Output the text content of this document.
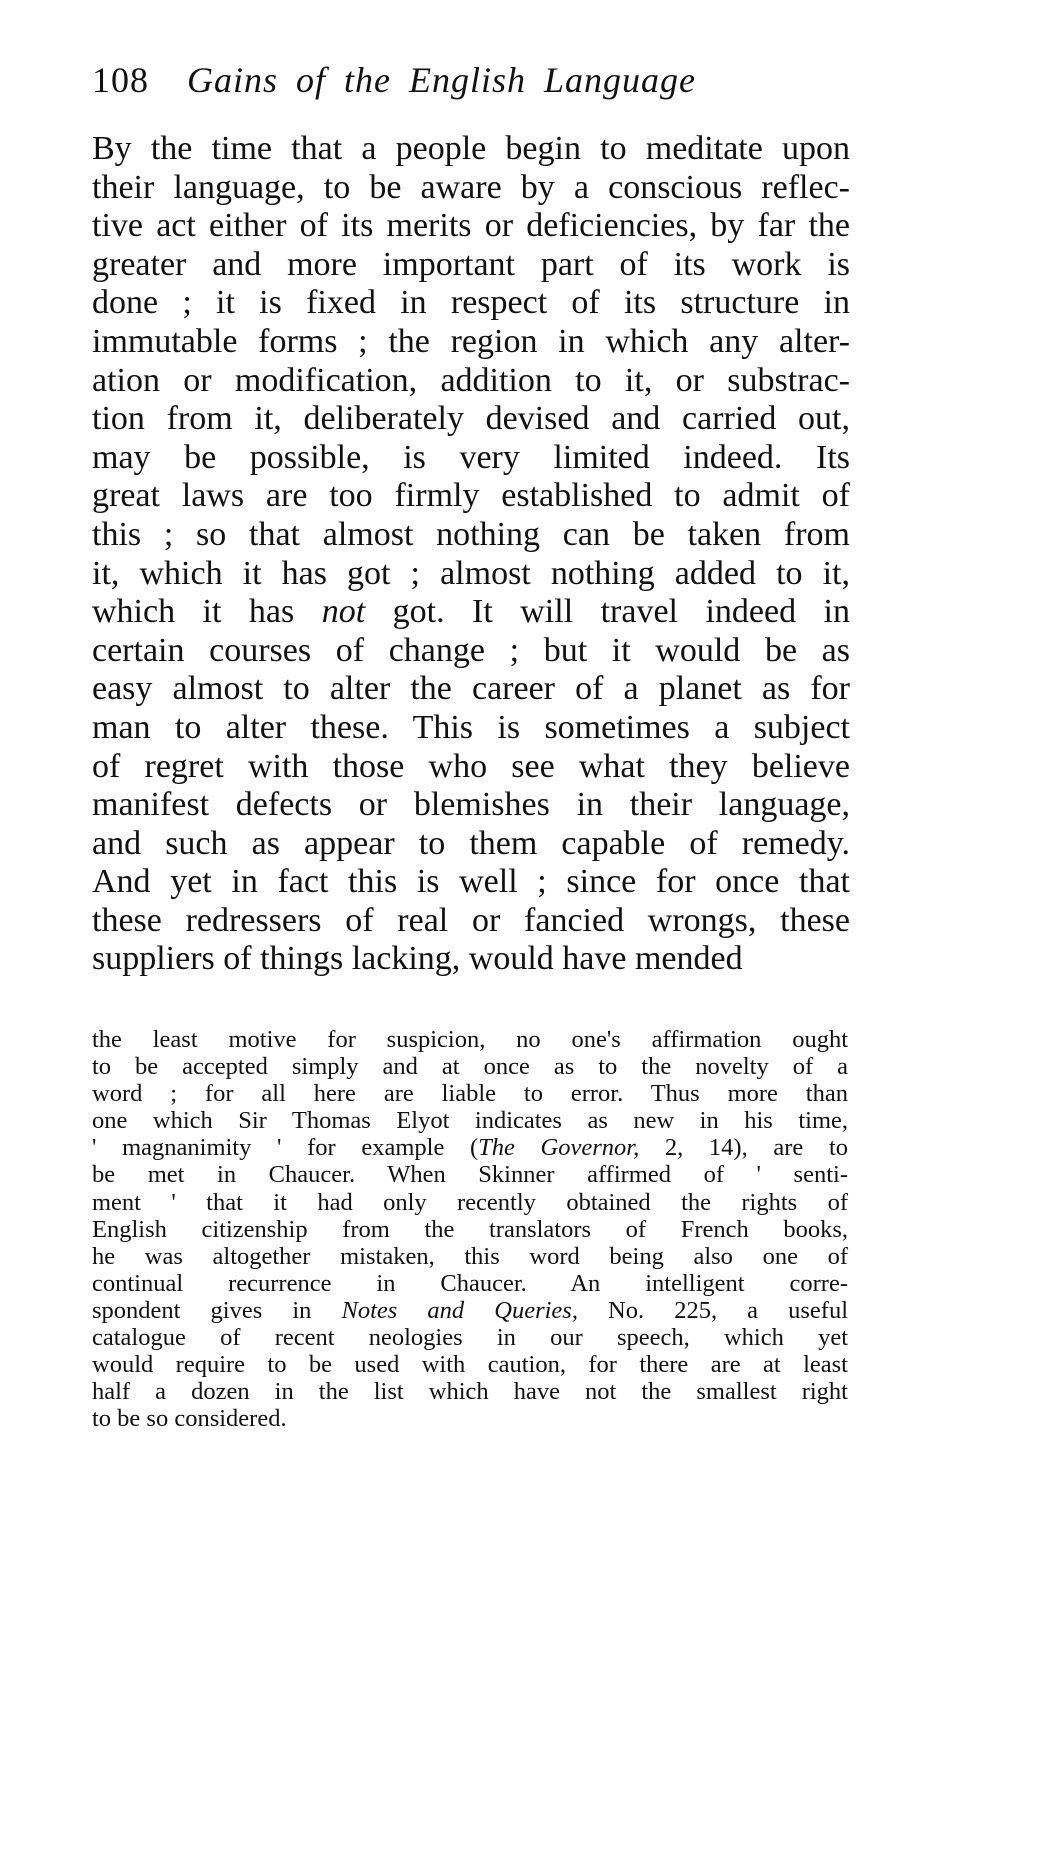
108 Gains of the English Language
By the time that a people begin to meditate upon
their language, to be aware by a conscious reflec-
tive act either of its merits or deficiencies, by far the
greater and more important part of its work is
done ; it is fixed in respect of its structure in
immutable forms ; the region in which any alter-
ation or modification, addition to it, or substrac-
tion from it, deliberately devised and carried out,
may be possible, is very limited indeed. Its
great laws are too firmly established to admit of
this ; so that almost nothing can be taken from
it, which it has got ; almost nothing added to it,
which it has not got. It will travel indeed in
certain courses of change ; but it would be as
easy almost to alter the career of a planet as for
man to alter these. This is sometimes a subject
of regret with those who see what they believe
manifest defects or blemishes in their language,
and such as appear to them capable of remedy.
And yet in fact this is well ; since for once that
these redressers of real or fancied wrongs, these
suppliers of things lacking, would have mended
the least motive for suspicion, no one's affirmation ought
to be accepted simply and at once as to the novelty of a
word ; for all here are liable to error. Thus more than
one which Sir Thomas Elyot indicates as new in his time,
' magnanimity ' for example (The Governor, 2, 14), are to
be met in Chaucer. When Skinner affirmed of ' senti-
ment ' that it had only recently obtained the rights of
English citizenship from the translators of French books,
he was altogether mistaken, this word being also one of
continual recurrence in Chaucer. An intelligent corre-
spondent gives in Notes and Queries, No. 225, a useful
catalogue of recent neologies in our speech, which yet
would require to be used with caution, for there are at least
half a dozen in the list which have not the smallest right
to be so considered.
